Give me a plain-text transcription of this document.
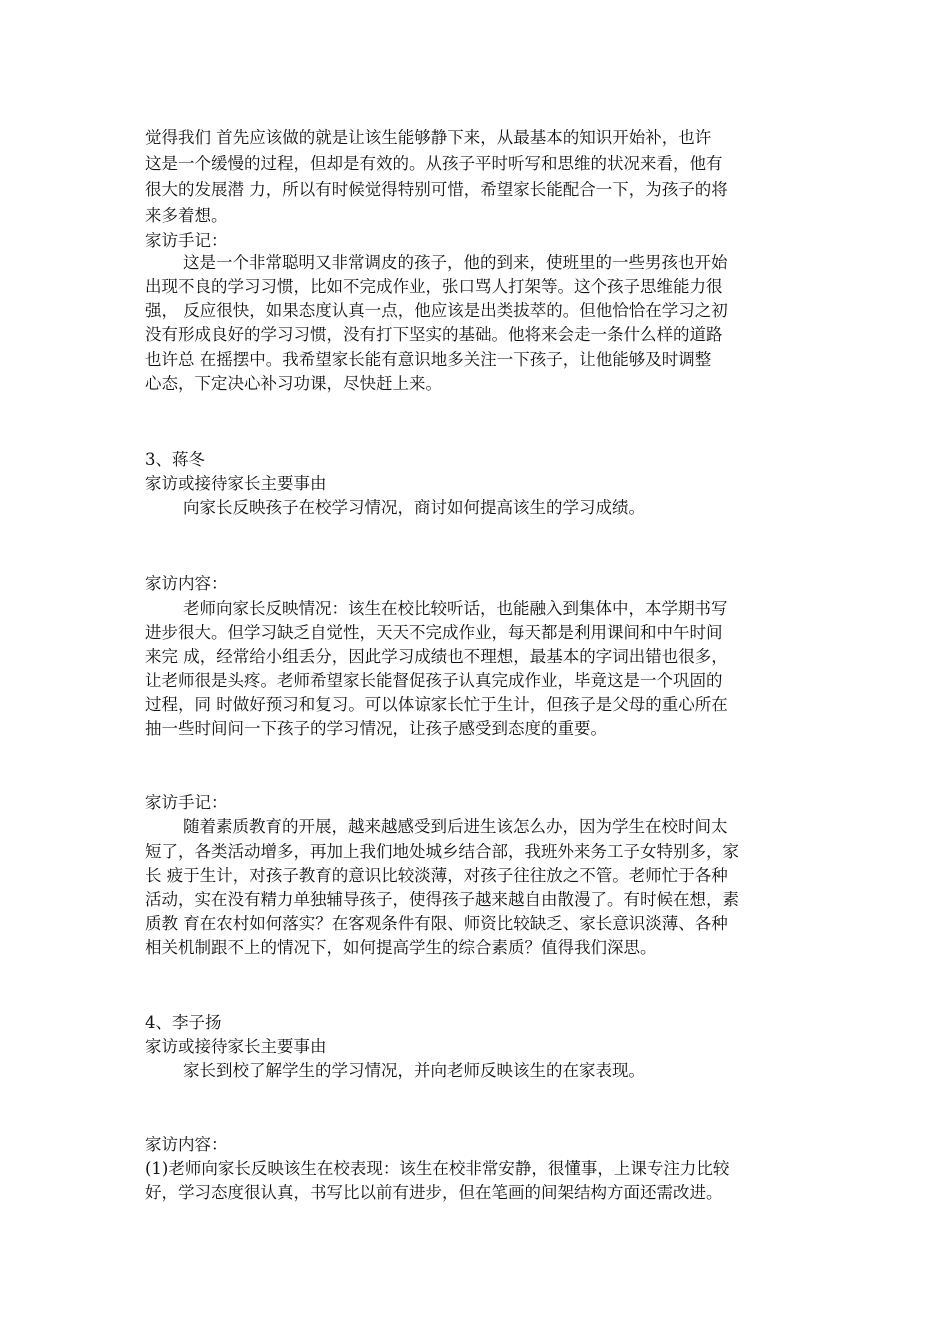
觉得我们 首先应该做的就是让该生能够静下来，从最基本的知识开始补，也许
这是一个缓慢的过程，但却是有效的。从孩子平时听写和思维的状况来看，他有
很大的发展潜 力，所以有时候觉得特别可惜，希望家长能配合一下，为孩子的将
来多着想。
家访手记：
这是一个非常聪明又非常调皮的孩子，他的到来，使班里的一些男孩也开始
出现不良的学习习惯，比如不完成作业，张口骂人打架等。这个孩子思维能力很
强， 反应很快，如果态度认真一点，他应该是出类拔萃的。但他恰恰在学习之初
没有形成良好的学习习惯，没有打下坚实的基础。他将来会走一条什么样的道路
也许总 在摇摆中。我希望家长能有意识地多关注一下孩子，让他能够及时调整
心态，下定决心补习功课，尽快赶上来。
3、蒋冬
家访或接待家长主要事由
向家长反映孩子在校学习情况，商讨如何提高该生的学习成绩。
家访内容：
老师向家长反映情况：该生在校比较听话，也能融入到集体中，本学期书写
进步很大。但学习缺乏自觉性，天天不完成作业，每天都是利用课间和中午时间
来完 成，经常给小组丢分，因此学习成绩也不理想，最基本的字词出错也很多，
让老师很是头疼。老师希望家长能督促孩子认真完成作业，毕竟这是一个巩固的
过程，同 时做好预习和复习。可以体谅家长忙于生计，但孩子是父母的重心所在
抽一些时间问一下孩子的学习情况，让孩子感受到态度的重要。
家访手记：
随着素质教育的开展，越来越感受到后进生该怎么办，因为学生在校时间太
短了，各类活动增多，再加上我们地处城乡结合部，我班外来务工子女特别多，家
长 疲于生计，对孩子教育的意识比较淡薄，对孩子往往放之不管。老师忙于各种
活动，实在没有精力单独辅导孩子，使得孩子越来越自由散漫了。有时候在想，素
质教 育在农村如何落实？在客观条件有限、师资比较缺乏、家长意识淡薄、各种
相关机制跟不上的情况下，如何提高学生的综合素质？值得我们深思。
4、李子扬
家访或接待家长主要事由
家长到校了解学生的学习情况，并向老师反映该生的在家表现。
家访内容：
(1)老师向家长反映该生在校表现：该生在校非常安静，很懂事，上课专注力比较
好，学习态度很认真，书写比以前有进步，但在笔画的间架结构方面还需改进。
